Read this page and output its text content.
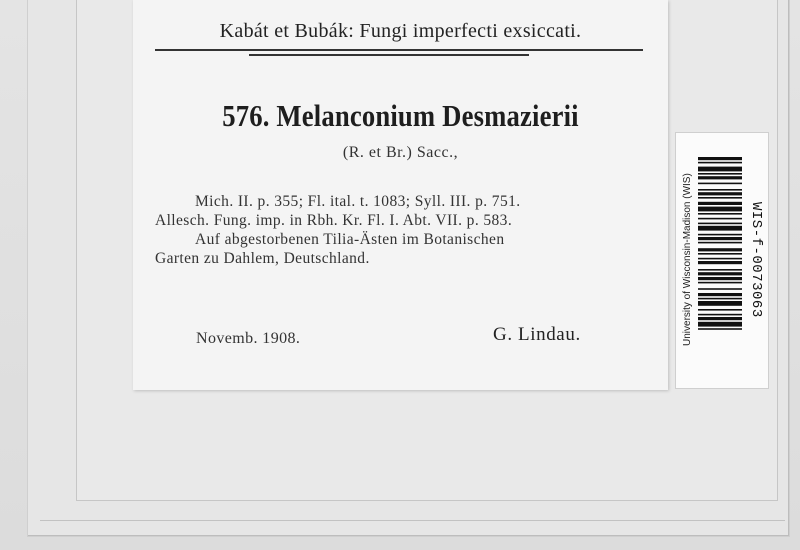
Kabát et Bubák: Fungi imperfecti exsiccati.
576. Melanconium Desmazierii
(R. et Br.) Sacc.,
Mich. II. p. 355; Fl. ital. t. 1083; Syll. III. p. 751.
Allesch. Fung. imp. in Rbh. Kr. Fl. I. Abt. VII. p. 583.
Auf abgestorbenen Tilia-Ästen im Botanischen
Garten zu Dahlem, Deutschland.
Novemb. 1908.	G. Lindau.	University of Wisconsin-Madison (WIS)	WIS-f-0073063
